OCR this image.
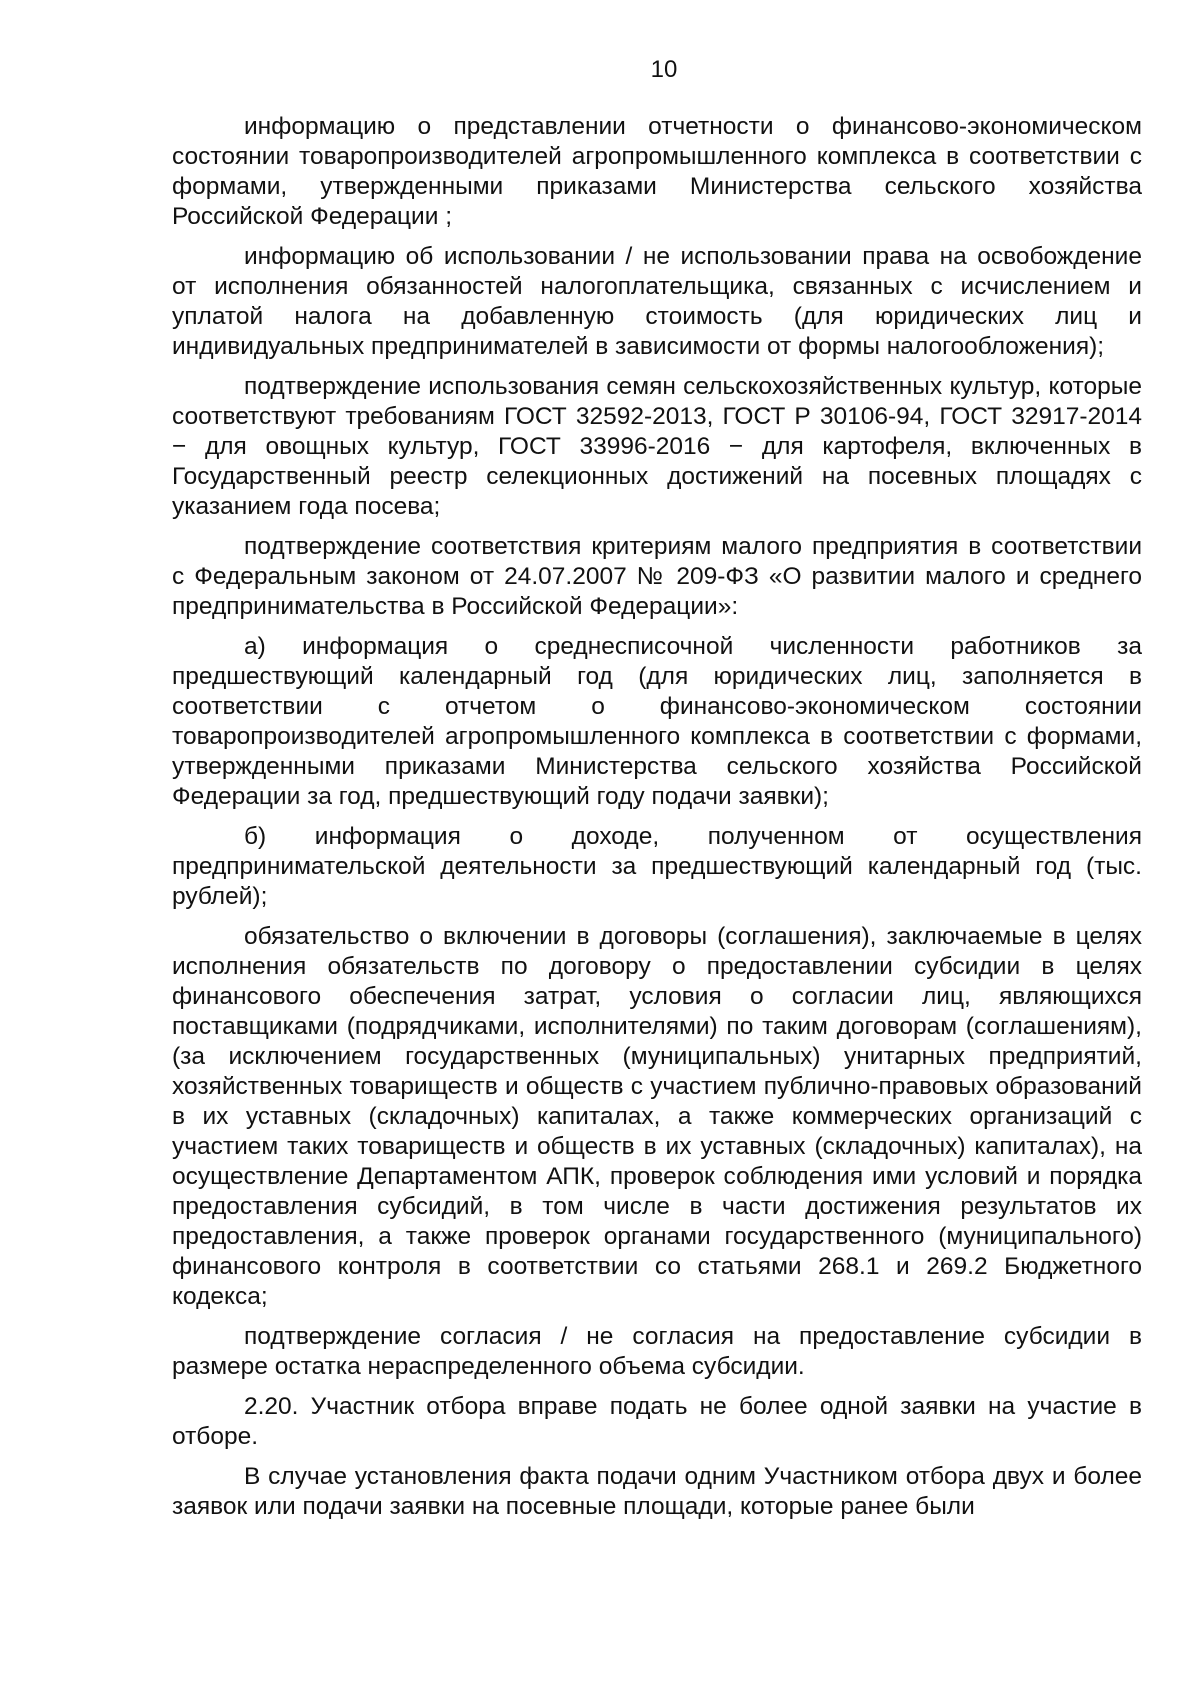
10

информацию о представлении отчетности о финансово-экономическом состоянии товаропроизводителей агропромышленного комплекса в соответствии с формами, утвержденными приказами Министерства сельского хозяйства Российской Федерации ;

информацию об использовании / не использовании права на освобождение от исполнения обязанностей налогоплательщика, связанных с исчислением и уплатой налога на добавленную стоимость (для юридических лиц и индивидуальных предпринимателей в зависимости от формы налогообложения);

подтверждение использования семян сельскохозяйственных культур, которые соответствуют требованиям ГОСТ 32592-2013, ГОСТ Р 30106-94, ГОСТ 32917-2014 − для овощных культур, ГОСТ 33996-2016 − для картофеля, включенных в Государственный реестр селекционных достижений на посевных площадях с указанием года посева;

подтверждение соответствия критериям малого предприятия в соответствии с Федеральным законом от 24.07.2007 № 209-ФЗ «О развитии малого и среднего предпринимательства в Российской Федерации»:

а) информация о среднесписочной численности работников за предшествующий календарный год (для юридических лиц, заполняется в соответствии с отчетом о финансово-экономическом состоянии товаропроизводителей агропромышленного комплекса в соответствии с формами, утвержденными приказами Министерства сельского хозяйства Российской Федерации за год, предшествующий году подачи заявки);

б) информация о доходе, полученном от осуществления предпринимательской деятельности за предшествующий календарный год (тыс. рублей);

обязательство о включении в договоры (соглашения), заключаемые в целях исполнения обязательств по договору о предоставлении субсидии в целях финансового обеспечения затрат, условия о согласии лиц, являющихся поставщиками (подрядчиками, исполнителями) по таким договорам (соглашениям), (за исключением государственных (муниципальных) унитарных предприятий, хозяйственных товариществ и обществ с участием публично-правовых образований в их уставных (складочных) капиталах, а также коммерческих организаций с участием таких товариществ и обществ в их уставных (складочных) капиталах), на осуществление Департаментом АПК, проверок соблюдения ими условий и порядка предоставления субсидий, в том числе в части достижения результатов их предоставления, а также проверок органами государственного (муниципального) финансового контроля в соответствии со статьями 268.1 и 269.2 Бюджетного кодекса;

подтверждение согласия / не согласия на предоставление субсидии в размере остатка нераспределенного объема субсидии.

2.20. Участник отбора вправе подать не более одной заявки на участие в отборе.

В случае установления факта подачи одним Участником отбора двух и более заявок или подачи заявки на посевные площади, которые ранее были
